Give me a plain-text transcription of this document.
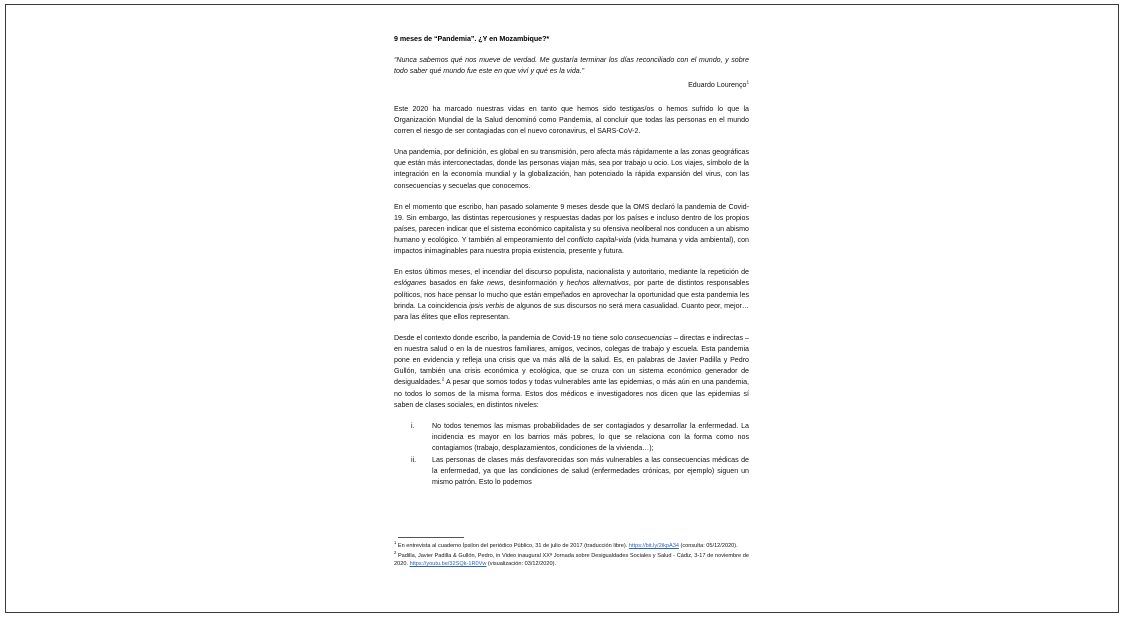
9 meses de “Pandemia”. ¿Y en Mozambique?*
“Nunca sabemos qué nos mueve de verdad. Me gustaría terminar los días reconciliado con el mundo, y sobre todo saber qué mundo fue este en que viví y qué es la vida.”
Eduardo Lourenço$^1$

Este 2020 ha marcado nuestras vidas en tanto que hemos sido testigas/os o hemos sufrido lo que la Organización Mundial de la Salud denominó como Pandemia, al concluir que todas las personas en el mundo corren el riesgo de ser contagiadas con el nuevo coronavirus, el SARS-CoV-2.

Una pandemia, por definición, es global en su transmisión, pero afecta más rápidamente a las zonas geográficas que están más interconectadas, donde las personas viajan más, sea por trabajo u ocio. Los viajes, símbolo de la integración en la economía mundial y la globalización, han potenciado la rápida expansión del virus, con las consecuencias y secuelas que conocemos.

En el momento que escribo, han pasado solamente 9 meses desde que la OMS declaró la pandemia de Covid-19. Sin embargo, las distintas repercusiones y respuestas dadas por los países e incluso dentro de los propios países, parecen indicar que el sistema económico capitalista y su ofensiva neoliberal nos conducen a un abismo humano y ecológico. Y también al empeoramiento del conflicto capital-vida (vida humana y vida ambiental), con impactos inimaginables para nuestra propia existencia, presente y futura.

En estos últimos meses, el incendiar del discurso populista, nacionalista y autoritario, mediante la repetición de eslóganes basados en fake news, desinformación y hechos alternativos, por parte de distintos responsables políticos, nos hace pensar lo mucho que están empeñados en aprovechar la oportunidad que esta pandemia les brinda. La coincidencia ipsis verbis de algunos de sus discursos no será mera casualidad. Cuanto peor, mejor… para las élites que ellos representan.

Desde el contexto donde escribo, la pandemia de Covid-19 no tiene solo consecuencias – directas e indirectas – en nuestra salud o en la de nuestros familiares, amigos, vecinos, colegas de trabajo y escuela. Esta pandemia pone en evidencia y refleja una crisis que va más allá de la salud. Es, en palabras de Javier Padilla y Pedro Gullón, también una crisis económica y ecológica, que se cruza con un sistema económico generador de desigualdades.$^2$ A pesar que somos todos y todas vulnerables ante las epidemias, o más aún en una pandemia, no todos lo somos de la misma forma. Estos dos médicos e investigadores nos dicen que las epidemias sí saben de clases sociales, en distintos niveles:

i.	No todos tenemos las mismas probabilidades de ser contagiados y desarrollar la enfermedad. La incidencia es mayor en los barrios más pobres, lo que se relaciona con la forma como nos contagiamos (trabajo, desplazamientos, condiciones de la vivienda…);
ii.	Las personas de clases más desfavorecidas son más vulnerables a las consecuencias médicas de la enfermedad, ya que las condiciones de salud (enfermedades crónicas, por ejemplo) siguen un mismo patrón. Esto lo podemos
$^1$ En entrevista al cuaderno Ípsilon del periódico Público, 31 de julio de 2017 (traducción libre). https://bit.ly/2ikpA34 (consulta: 05/12/2020).
$^2$ Padilla, Javier Padilla & Gullón, Pedro, in Video inaugural XXª Jornada sobre Desigualdades Sociales y Salud - Cádiz, 3-17 de noviembre de 2020. https://youtu.be/32SQk-1R0Vw (visualización: 03/12/2020).
